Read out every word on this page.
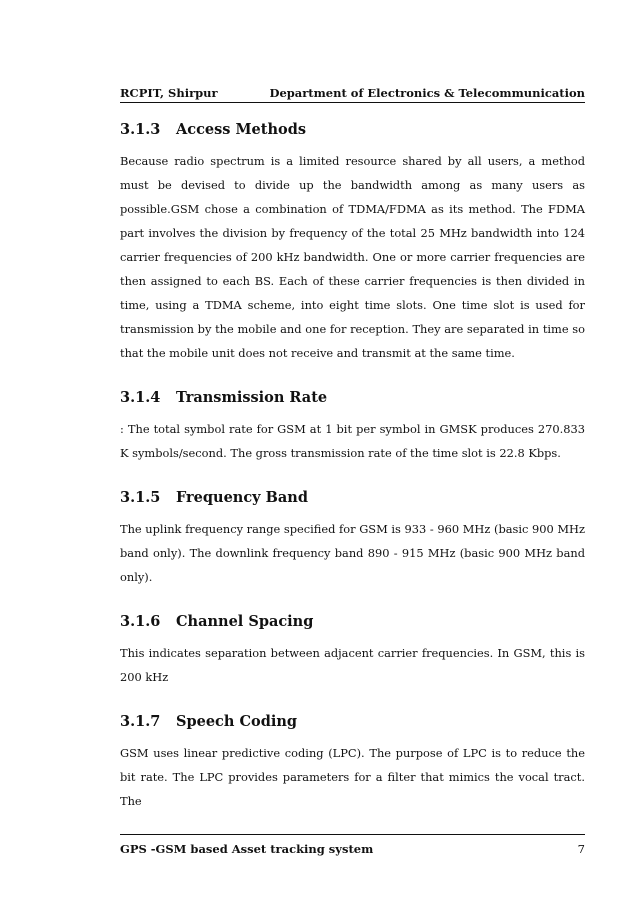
RCPIT, Shirpur	Department of Electronics & Telecommunication
3.1.3 Access Methods

Because radio spectrum is a limited resource shared by all users, a method must be devised to divide up the bandwidth among as many users as possible.GSM chose a combination of TDMA/FDMA as its method. The FDMA part involves the division by frequency of the total 25 MHz bandwidth into 124 carrier frequencies of 200 kHz bandwidth. One or more carrier frequencies are then assigned to each BS. Each of these carrier frequencies is then divided in time, using a TDMA scheme, into eight time slots. One time slot is used for transmission by the mobile and one for reception. They are separated in time so that the mobile unit does not receive and transmit at the same time.

3.1.4 Transmission Rate

: The total symbol rate for GSM at 1 bit per symbol in GMSK produces 270.833 K symbols/second. The gross transmission rate of the time slot is 22.8 Kbps.

3.1.5 Frequency Band

The uplink frequency range specified for GSM is 933 - 960 MHz (basic 900 MHz band only). The downlink frequency band 890 - 915 MHz (basic 900 MHz band only).

3.1.6 Channel Spacing

This indicates separation between adjacent carrier frequencies. In GSM, this is 200 kHz

3.1.7 Speech Coding

GSM uses linear predictive coding (LPC). The purpose of LPC is to reduce the bit rate. The LPC provides parameters for a filter that mimics the vocal tract. The

GPS -GSM based Asset tracking system	7
